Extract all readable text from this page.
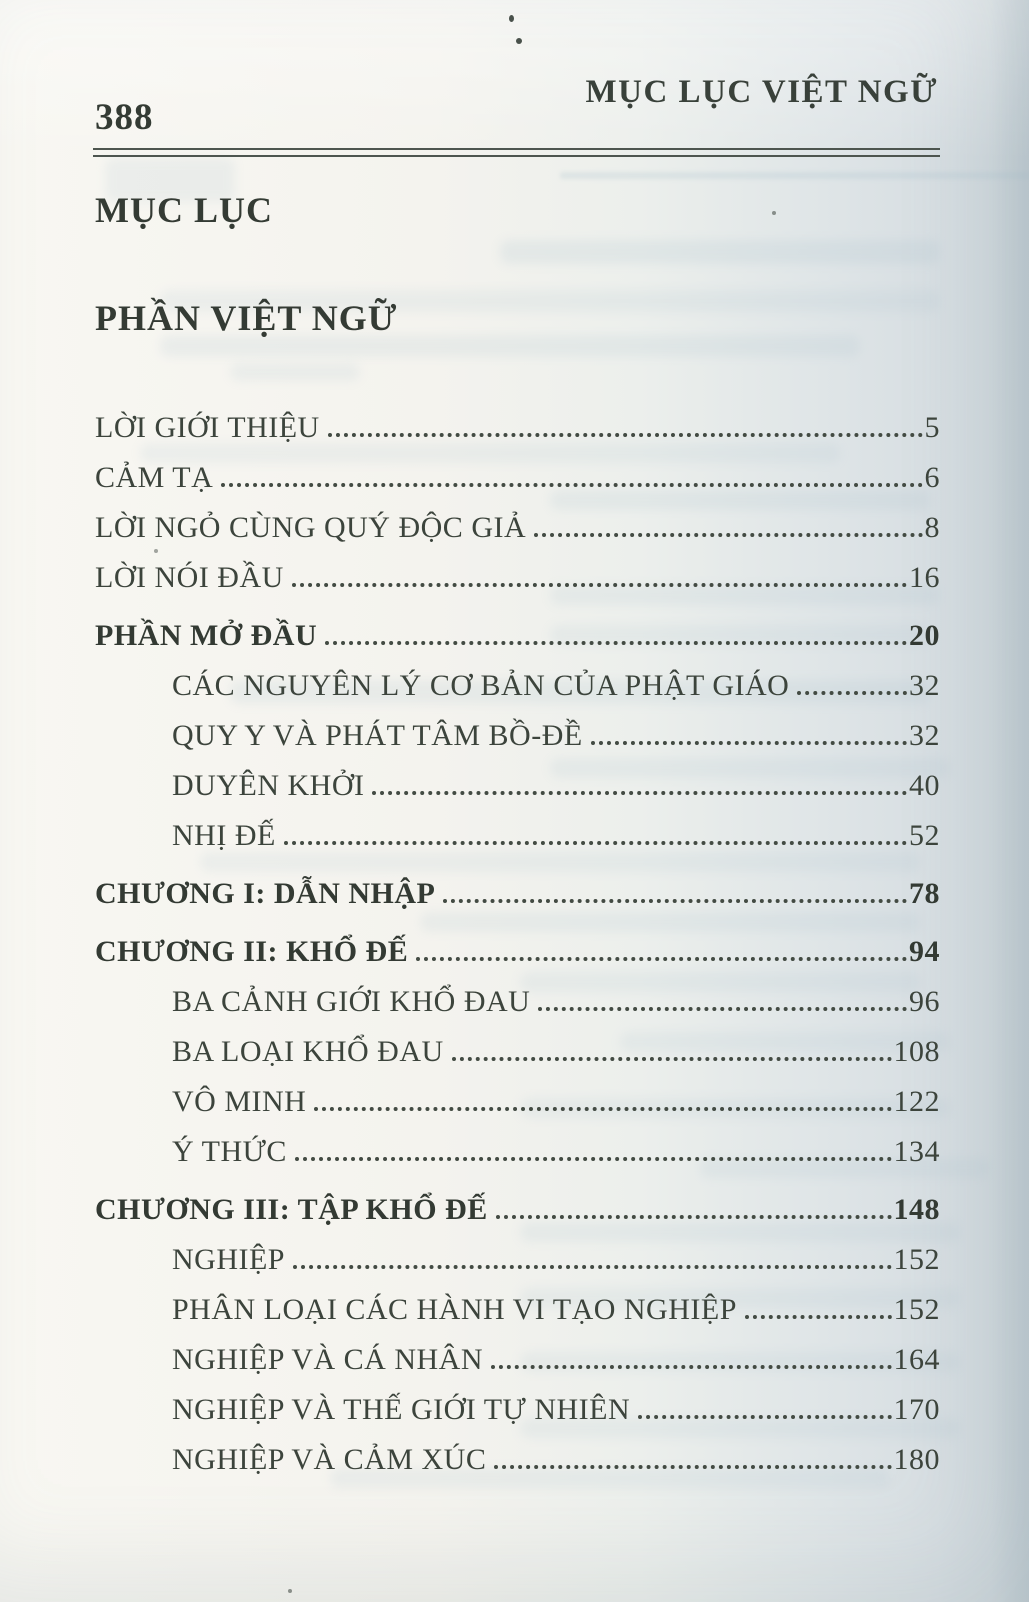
388
MỤC LỤC VIỆT NGỮ
MỤC LỤC
PHẦN VIỆT NGỮ
LỜI GIỚI THIỆU	5
CẢM TẠ	6
LỜI NGỎ CÙNG QUÝ ĐỘC GIẢ	8
LỜI NÓI ĐẦU	16
PHẦN MỞ ĐẦU	20
CÁC NGUYÊN LÝ CƠ BẢN CỦA PHẬT GIÁO	32
QUY Y VÀ PHÁT TÂM BỒ-ĐỀ	32
DUYÊN KHỞI	40
NHỊ ĐẾ	52
CHƯƠNG I: DẪN NHẬP	78
CHƯƠNG II: KHỔ ĐẾ	94
BA CẢNH GIỚI KHỔ ĐAU	96
BA LOẠI KHỔ ĐAU	108
VÔ MINH	122
Ý THỨC	134
CHƯƠNG III: TẬP KHỔ ĐẾ	148
NGHIỆP	152
PHÂN LOẠI CÁC HÀNH VI TẠO NGHIỆP	152
NGHIỆP VÀ CÁ NHÂN	164
NGHIỆP VÀ THẾ GIỚI TỰ NHIÊN	170
NGHIỆP VÀ CẢM XÚC	180
